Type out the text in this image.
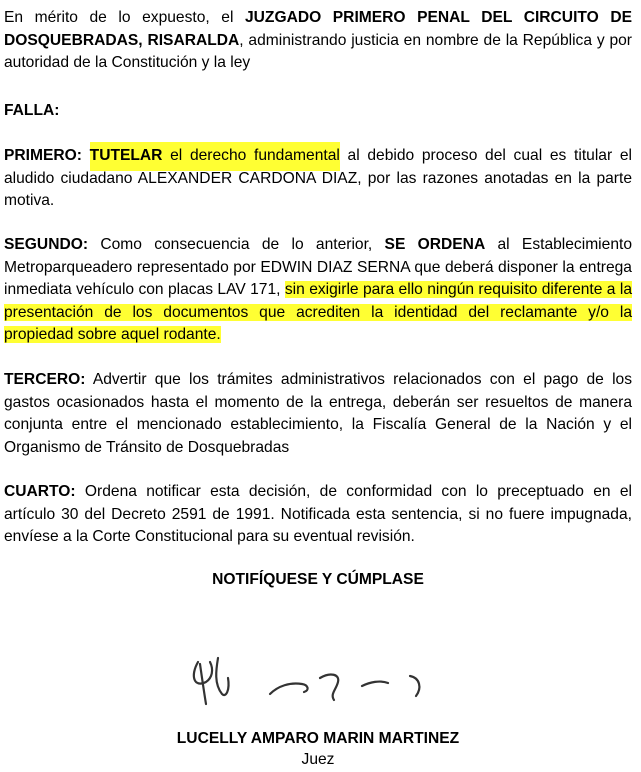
En mérito de lo expuesto, el JUZGADO PRIMERO PENAL DEL CIRCUITO DE DOSQUEBRADAS, RISARALDA, administrando justicia en nombre de la República y por autoridad de la Constitución y la ley

FALLA:

PRIMERO: TUTELAR el derecho fundamental al debido proceso del cual es titular el aludido ciudadano ALEXANDER CARDONA DIAZ, por las razones anotadas en la parte motiva.

SEGUNDO: Como consecuencia de lo anterior, SE ORDENA al Establecimiento Metroparqueadero representado por EDWIN DIAZ SERNA que deberá disponer la entrega inmediata vehículo con placas LAV 171, sin exigirle para ello ningún requisito diferente a la presentación de los documentos que acrediten la identidad del reclamante y/o la propiedad sobre aquel rodante.

TERCERO: Advertir que los trámites administrativos relacionados con el pago de los gastos ocasionados hasta el momento de la entrega, deberán ser resueltos de manera conjunta entre el mencionado establecimiento, la Fiscalía General de la Nación y el Organismo de Tránsito de Dosquebradas

CUARTO: Ordena notificar esta decisión, de conformidad con lo preceptuado en el artículo 30 del Decreto 2591 de 1991. Notificada esta sentencia, si no fuere impugnada, envíese a la Corte Constitucional para su eventual revisión.

NOTIFÍQUESE Y CÚMPLASE

LUCELLY AMPARO MARIN MARTINEZ

Juez
